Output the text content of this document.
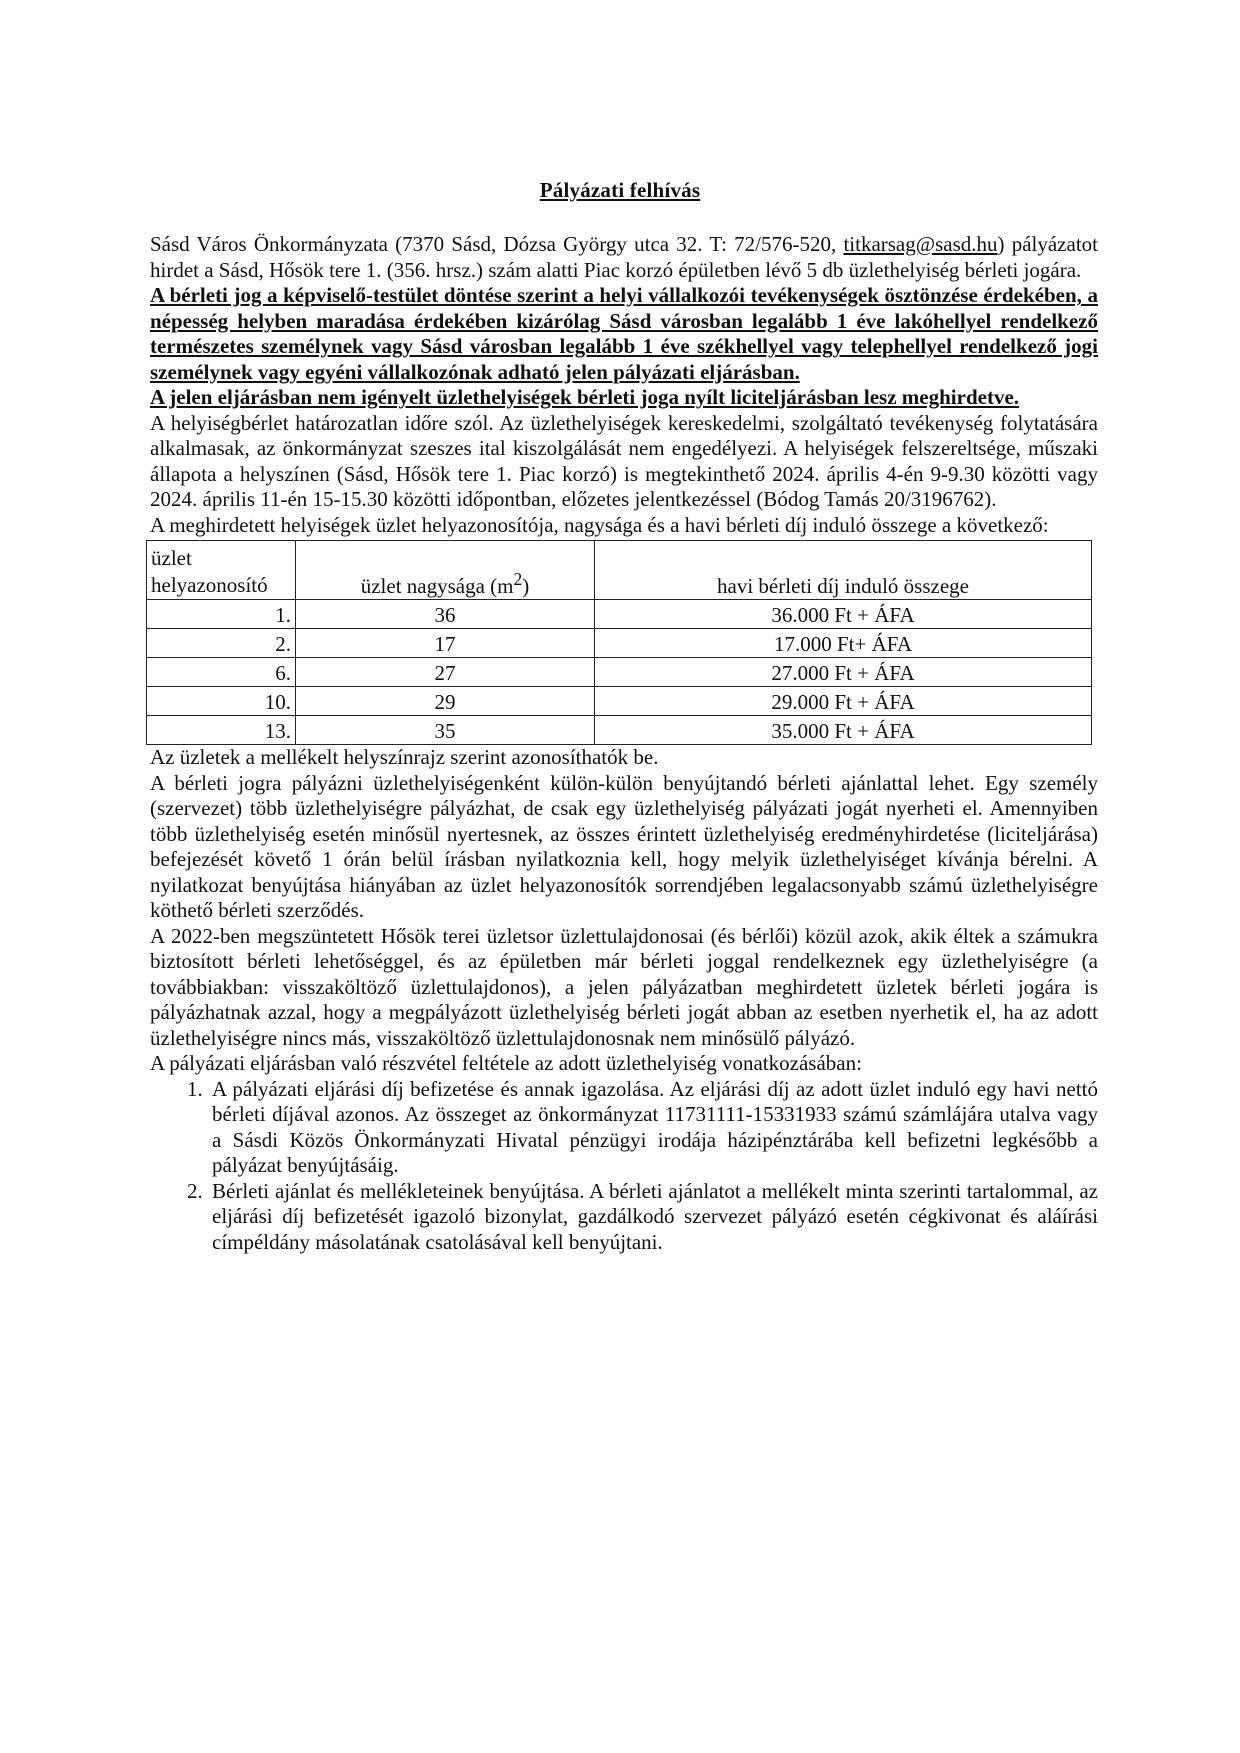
Pályázati felhívás

Sásd Város Önkormányzata (7370 Sásd, Dózsa György utca 32. T: 72/576-520, titkarsag@sasd.hu) pályázatot hirdet a Sásd, Hősök tere 1. (356. hrsz.) szám alatti Piac korzó épületben lévő 5 db üzlethelyiség bérleti jogára.

A bérleti jog a képviselő-testület döntése szerint a helyi vállalkozói tevékenységek ösztönzése érdekében, a népesség helyben maradása érdekében kizárólag Sásd városban legalább 1 éve lakóhellyel rendelkező természetes személynek vagy Sásd városban legalább 1 éve székhellyel vagy telephellyel rendelkező jogi személynek vagy egyéni vállalkozónak adható jelen pályázati eljárásban.

A jelen eljárásban nem igényelt üzlethelyiségek bérleti joga nyílt liciteljárásban lesz meghirdetve.

A helyiségbérlet határozatlan időre szól. Az üzlethelyiségek kereskedelmi, szolgáltató tevékenység folytatására alkalmasak, az önkormányzat szeszes ital kiszolgálását nem engedélyezi. A helyiségek felszereltsége, műszaki állapota a helyszínen (Sásd, Hősök tere 1. Piac korzó) is megtekinthető 2024. április 4-én 9-9.30 közötti vagy 2024. április 11-én 15-15.30 közötti időpontban, előzetes jelentkezéssel (Bódog Tamás 20/3196762).

A meghirdetett helyiségek üzlet helyazonosítója, nagysága és a havi bérleti díj induló összege a következő:

üzlet
helyazonosító	üzlet nagysága $(m^2)$	havi bérleti díj induló összege
1.	36	36.000 Ft + ÁFA
2.	17	17.000 Ft+ ÁFA
6.	27	27.000 Ft + ÁFA
10.	29	29.000 Ft + ÁFA
13.	35	35.000 Ft + ÁFA

Az üzletek a mellékelt helyszínrajz szerint azonosíthatók be.

A bérleti jogra pályázni üzlethelyiségenként külön-külön benyújtandó bérleti ajánlattal lehet. Egy személy (szervezet) több üzlethelyiségre pályázhat, de csak egy üzlethelyiség pályázati jogát nyerheti el. Amennyiben több üzlethelyiség esetén minősül nyertesnek, az összes érintett üzlethelyiség eredményhirdetése (liciteljárása) befejezését követő 1 órán belül írásban nyilatkoznia kell, hogy melyik üzlethelyiséget kívánja bérelni. A nyilatkozat benyújtása hiányában az üzlet helyazonosítók sorrendjében legalacsonyabb számú üzlethelyiségre köthető bérleti szerződés.

A 2022-ben megszüntetett Hősök terei üzletsor üzlettulajdonosai (és bérlői) közül azok, akik éltek a számukra biztosított bérleti lehetőséggel, és az épületben már bérleti joggal rendelkeznek egy üzlethelyiségre (a továbbiakban: visszaköltöző üzlettulajdonos), a jelen pályázatban meghirdetett üzletek bérleti jogára is pályázhatnak azzal, hogy a megpályázott üzlethelyiség bérleti jogát abban az esetben nyerhetik el, ha az adott üzlethelyiségre nincs más, visszaköltöző üzlettulajdonosnak nem minősülő pályázó.

A pályázati eljárásban való részvétel feltétele az adott üzlethelyiség vonatkozásában:

1. A pályázati eljárási díj befizetése és annak igazolása. Az eljárási díj az adott üzlet induló egy havi nettó bérleti díjával azonos. Az összeget az önkormányzat 11731111-15331933 számú számlájára utalva vagy a Sásdi Közös Önkormányzati Hivatal pénzügyi irodája házipénztárába kell befizetni legkésőbb a pályázat benyújtásáig.
2. Bérleti ajánlat és mellékleteinek benyújtása. A bérleti ajánlatot a mellékelt minta szerinti tartalommal, az eljárási díj befizetését igazoló bizonylat, gazdálkodó szervezet pályázó esetén cégkivonat és aláírási címpéldány másolatának csatolásával kell benyújtani.
